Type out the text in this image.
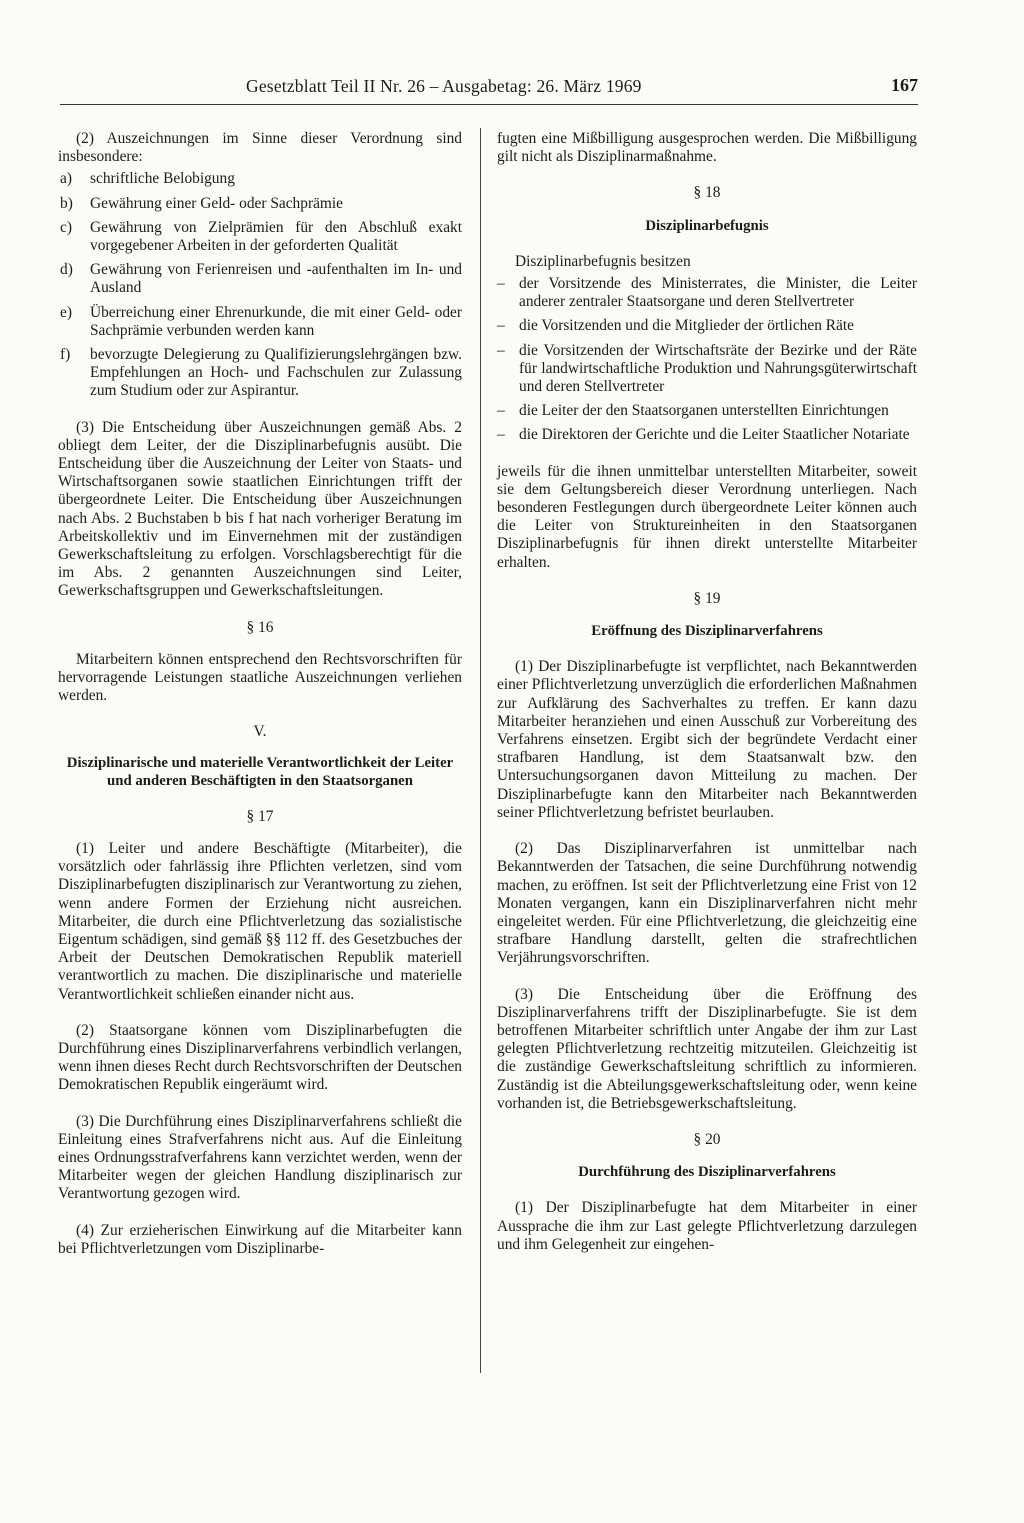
Gesetzblatt Teil II Nr. 26 – Ausgabetag: 26. März 1969	167

(2) Auszeichnungen im Sinne dieser Verordnung sind insbesondere:

a)	schriftliche Belobigung
b)	Gewährung einer Geld- oder Sachprämie
c)	Gewährung von Zielprämien für den Abschluß exakt vorgegebener Arbeiten in der geforderten Qualität
d)	Gewährung von Ferienreisen und -aufenthalten im In- und Ausland
e)	Überreichung einer Ehrenurkunde, die mit einer Geld- oder Sachprämie verbunden werden kann
f)	bevorzugte Delegierung zu Qualifizierungslehrgängen bzw. Empfehlungen an Hoch- und Fachschulen zur Zulassung zum Studium oder zur Aspirantur.

(3) Die Entscheidung über Auszeichnungen gemäß Abs. 2 obliegt dem Leiter, der die Disziplinarbefugnis ausübt. Die Entscheidung über die Auszeichnung der Leiter von Staats- und Wirtschaftsorganen sowie staatlichen Einrichtungen trifft der übergeordnete Leiter. Die Entscheidung über Auszeichnungen nach Abs. 2 Buchstaben b bis f hat nach vorheriger Beratung im Arbeitskollektiv und im Einvernehmen mit der zuständigen Gewerkschaftsleitung zu erfolgen. Vorschlagsberechtigt für die im Abs. 2 genannten Auszeichnungen sind Leiter, Gewerkschaftsgruppen und Gewerkschaftsleitungen.

§ 16

Mitarbeitern können entsprechend den Rechtsvorschriften für hervorragende Leistungen staatliche Auszeichnungen verliehen werden.

V.
Disziplinarische und materielle Verantwortlichkeit der Leiter und anderen Beschäftigten in den Staatsorganen
§ 17

(1) Leiter und andere Beschäftigte (Mitarbeiter), die vorsätzlich oder fahrlässig ihre Pflichten verletzen, sind vom Disziplinarbefugten disziplinarisch zur Verantwortung zu ziehen, wenn andere Formen der Erziehung nicht ausreichen. Mitarbeiter, die durch eine Pflichtverletzung das sozialistische Eigentum schädigen, sind gemäß §§ 112 ff. des Gesetzbuches der Arbeit der Deutschen Demokratischen Republik materiell verantwortlich zu machen. Die disziplinarische und materielle Verantwortlichkeit schließen einander nicht aus.

(2) Staatsorgane können vom Disziplinarbefugten die Durchführung eines Disziplinarverfahrens verbindlich verlangen, wenn ihnen dieses Recht durch Rechtsvorschriften der Deutschen Demokratischen Republik eingeräumt wird.

(3) Die Durchführung eines Disziplinarverfahrens schließt die Einleitung eines Strafverfahrens nicht aus. Auf die Einleitung eines Ordnungsstrafverfahrens kann verzichtet werden, wenn der Mitarbeiter wegen der gleichen Handlung disziplinarisch zur Verantwortung gezogen wird.

(4) Zur erzieherischen Einwirkung auf die Mitarbeiter kann bei Pflichtverletzungen vom Disziplinarbe-

fugten eine Mißbilligung ausgesprochen werden. Die Mißbilligung gilt nicht als Disziplinarmaßnahme.

§ 18
Disziplinarbefugnis

Disziplinarbefugnis besitzen

– der Vorsitzende des Ministerrates, die Minister, die Leiter anderer zentraler Staatsorgane und deren Stellvertreter
– die Vorsitzenden und die Mitglieder der örtlichen Räte
– die Vorsitzenden der Wirtschaftsräte der Bezirke und der Räte für landwirtschaftliche Produktion und Nahrungsgüterwirtschaft und deren Stellvertreter
– die Leiter der den Staatsorganen unterstellten Einrichtungen
– die Direktoren der Gerichte und die Leiter Staatlicher Notariate

jeweils für die ihnen unmittelbar unterstellten Mitarbeiter, soweit sie dem Geltungsbereich dieser Verordnung unterliegen. Nach besonderen Festlegungen durch übergeordnete Leiter können auch die Leiter von Struktureinheiten in den Staatsorganen Disziplinarbefugnis für ihnen direkt unterstellte Mitarbeiter erhalten.

§ 19
Eröffnung des Disziplinarverfahrens

(1) Der Disziplinarbefugte ist verpflichtet, nach Bekanntwerden einer Pflichtverletzung unverzüglich die erforderlichen Maßnahmen zur Aufklärung des Sachverhaltes zu treffen. Er kann dazu Mitarbeiter heranziehen und einen Ausschuß zur Vorbereitung des Verfahrens einsetzen. Ergibt sich der begründete Verdacht einer strafbaren Handlung, ist dem Staatsanwalt bzw. den Untersuchungsorganen davon Mitteilung zu machen. Der Disziplinarbefugte kann den Mitarbeiter nach Bekanntwerden seiner Pflichtverletzung befristet beurlauben.

(2) Das Disziplinarverfahren ist unmittelbar nach Bekanntwerden der Tatsachen, die seine Durchführung notwendig machen, zu eröffnen. Ist seit der Pflichtverletzung eine Frist von 12 Monaten vergangen, kann ein Disziplinarverfahren nicht mehr eingeleitet werden. Für eine Pflichtverletzung, die gleichzeitig eine strafbare Handlung darstellt, gelten die strafrechtlichen Verjährungsvorschriften.

(3) Die Entscheidung über die Eröffnung des Disziplinarverfahrens trifft der Disziplinarbefugte. Sie ist dem betroffenen Mitarbeiter schriftlich unter Angabe der ihm zur Last gelegten Pflichtverletzung rechtzeitig mitzuteilen. Gleichzeitig ist die zuständige Gewerkschaftsleitung schriftlich zu informieren. Zuständig ist die Abteilungsgewerkschaftsleitung oder, wenn keine vorhanden ist, die Betriebsgewerkschaftsleitung.

§ 20
Durchführung des Disziplinarverfahrens

(1) Der Disziplinarbefugte hat dem Mitarbeiter in einer Aussprache die ihm zur Last gelegte Pflichtverletzung darzulegen und ihm Gelegenheit zur eingehen-
